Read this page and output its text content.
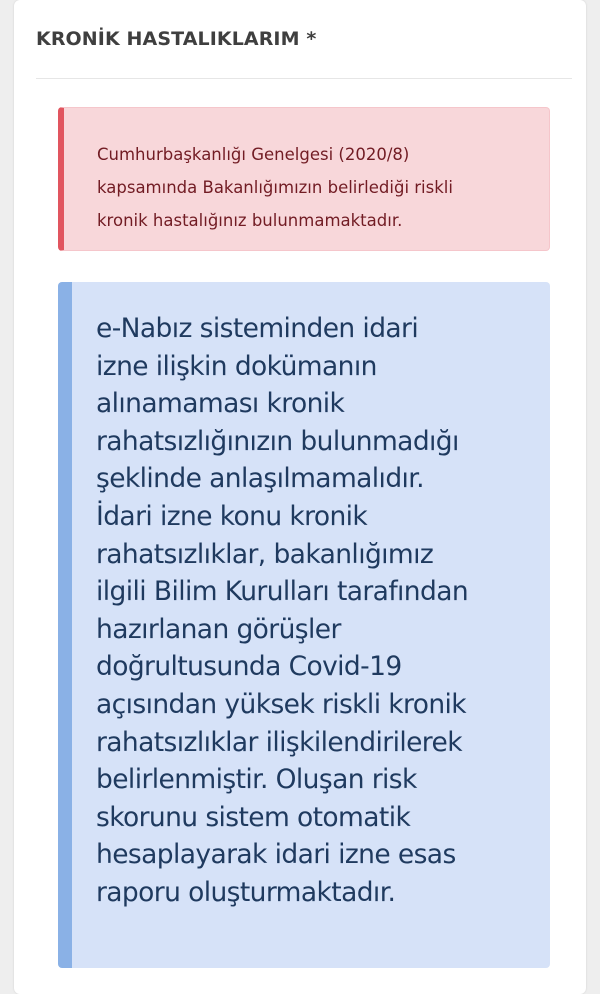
KRONİK HASTALIKLARIM *

Cumhurbaşkanlığı Genelgesi (2020/8)
kapsamında Bakanlığımızın belirlediği riskli
kronik hastalığınız bulunmamaktadır.

e-Nabız sisteminden idari
izne ilişkin dokümanın
alınamaması kronik
rahatsızlığınızın bulunmadığı
şeklinde anlaşılmamalıdır.
İdari izne konu kronik
rahatsızlıklar, bakanlığımız
ilgili Bilim Kurulları tarafından
hazırlanan görüşler
doğrultusunda Covid-19
açısından yüksek riskli kronik
rahatsızlıklar ilişkilendirilerek
belirlenmiştir. Oluşan risk
skorunu sistem otomatik
hesaplayarak idari izne esas
raporu oluşturmaktadır.
